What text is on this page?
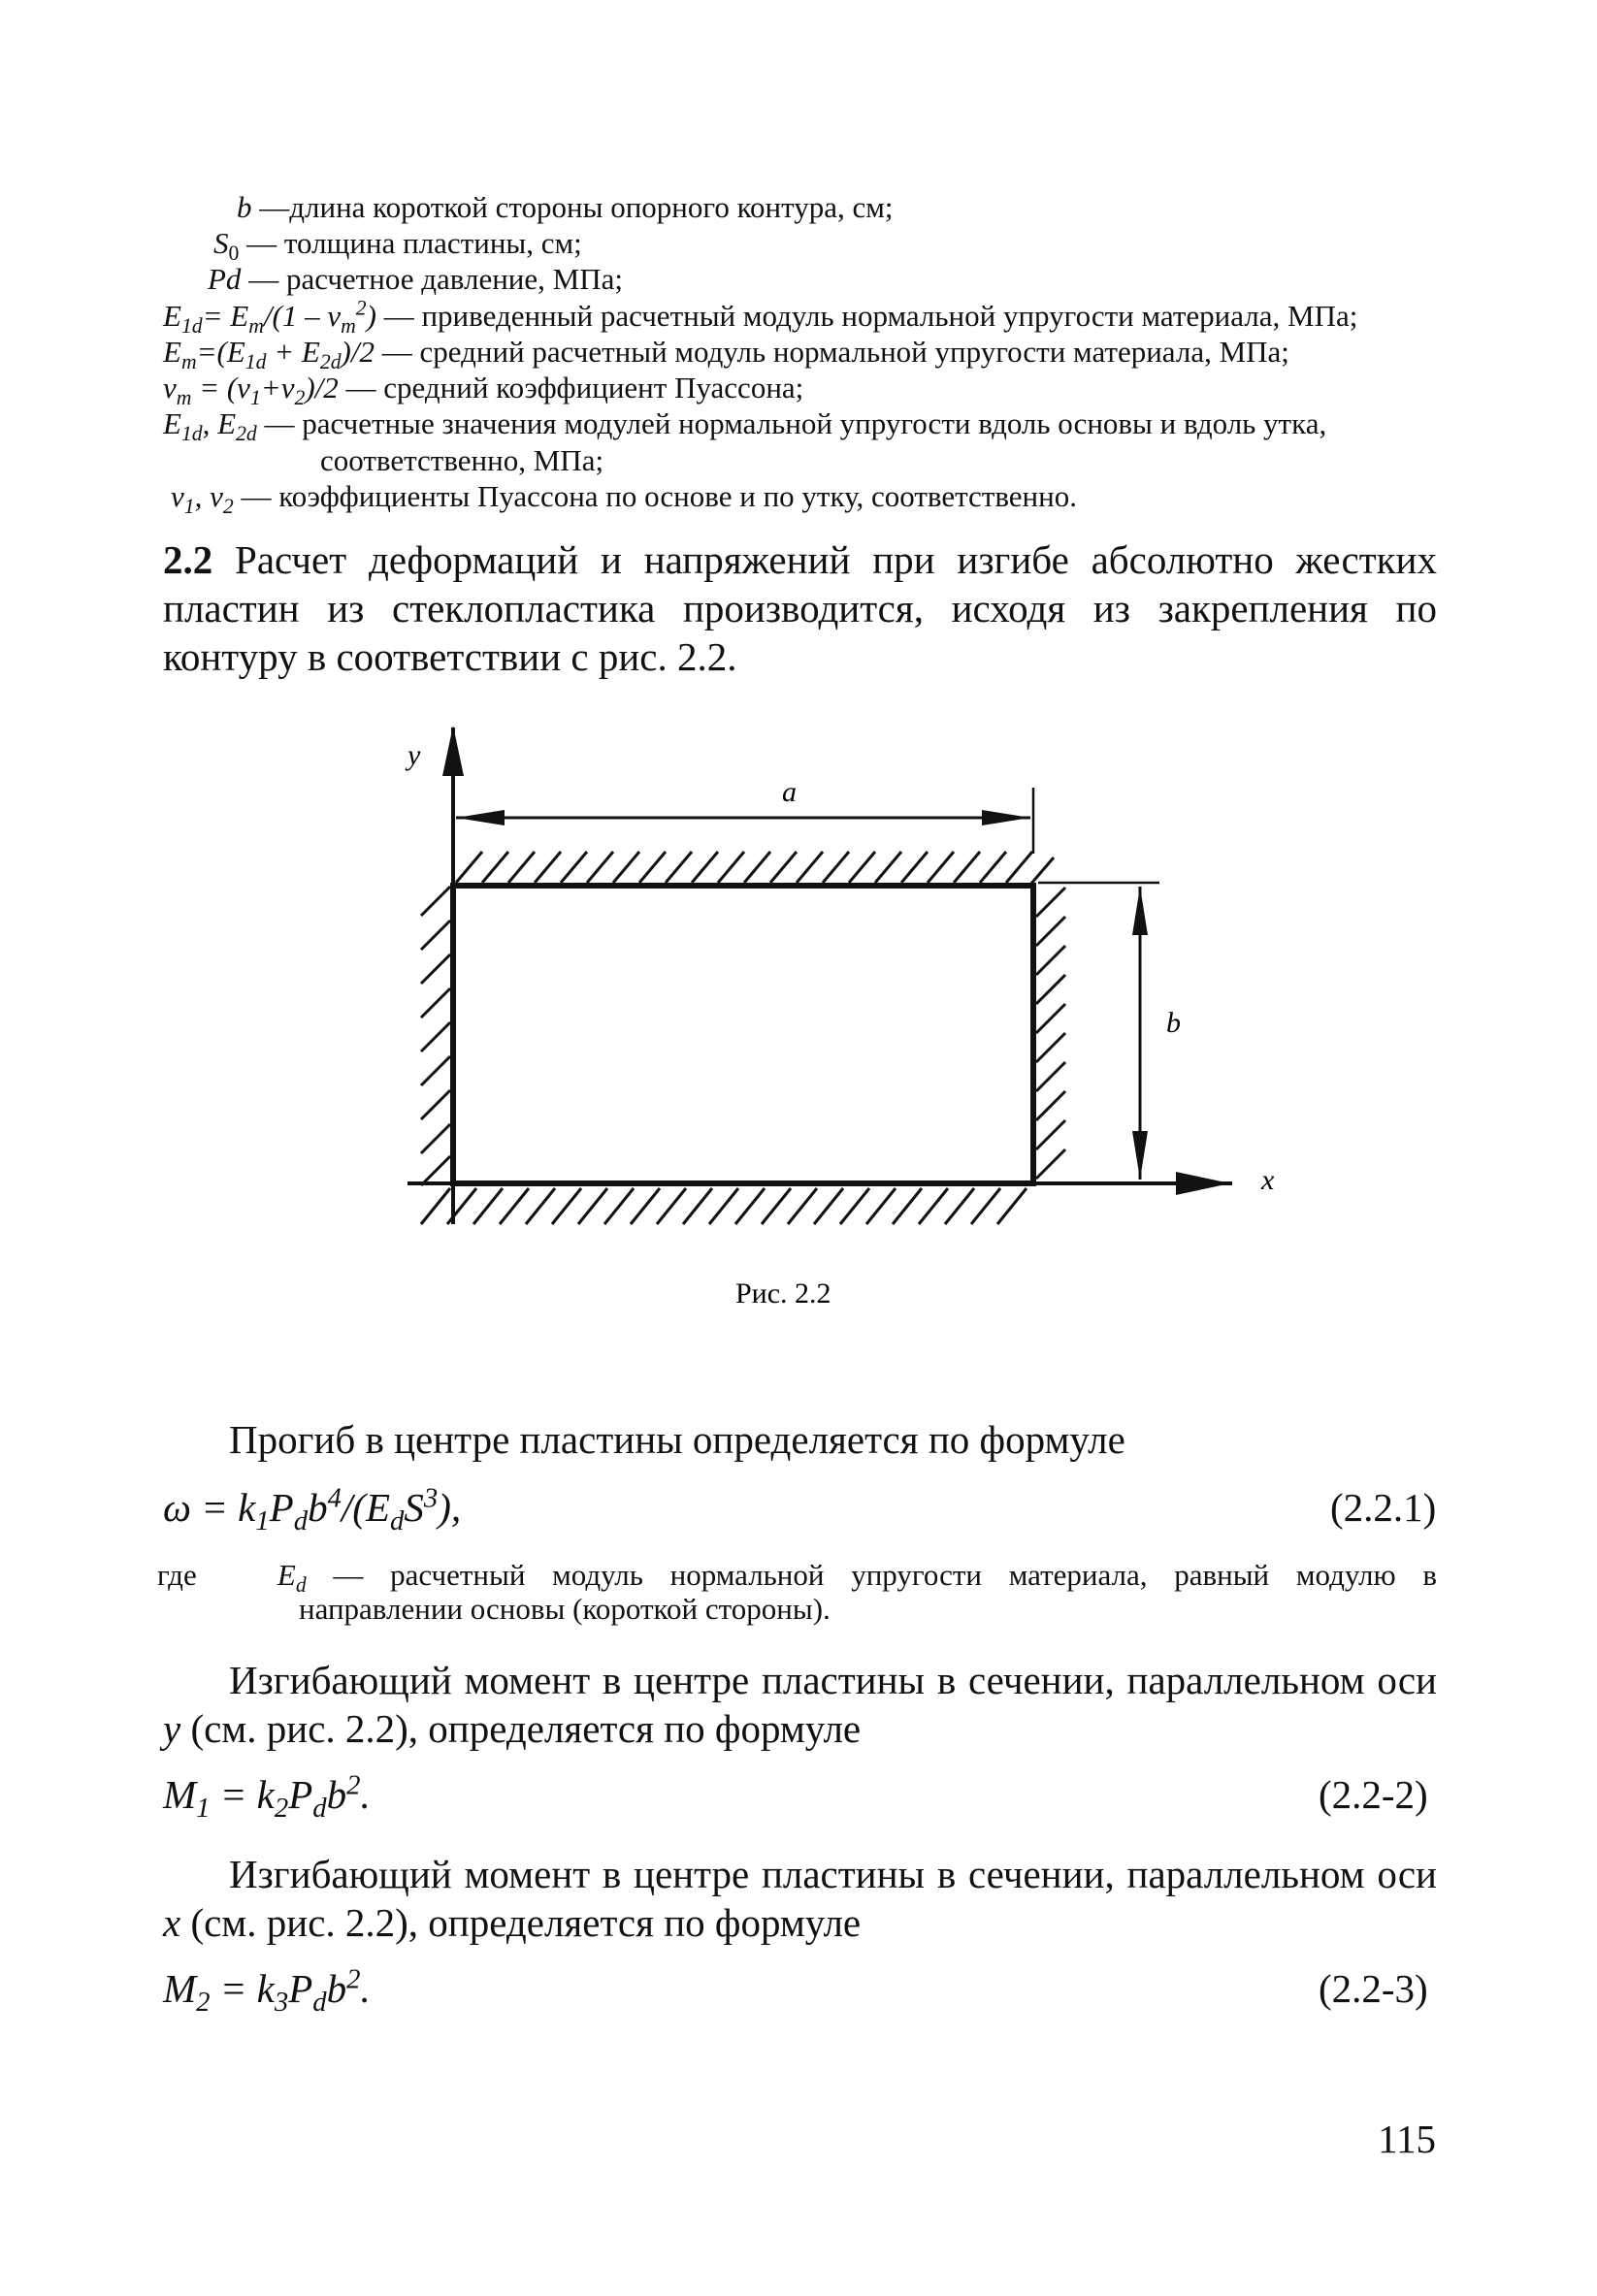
b —длина короткой стороны опорного контура, см;
$S_0$ — толщина пластины, см;
Pd — расчетное давление, МПа;
$E_{1d}= E_m/(1 - \nu_m^2)$ — приведенный расчетный модуль нормальной упругости материала, МПа;
$E_m=(E_{1d} + E_{2d})/2$ — средний расчетный модуль нормальной упругости материала, МПа;
$\nu_m = (\nu_1+\nu_2)/2$ — средний коэффициент Пуассона;
$E_{1d}$, $E_{2d}$ — расчетные значения модулей нормальной упругости вдоль основы и вдоль утка,
соответственно, МПа;
$\nu_1$, $\nu_2$ — коэффициенты Пуассона по основе и по утку, соответственно.
2.2 Расчет деформаций и напряжений при изгибе абсолютно жестких
пластин из стеклопластика производится, исходя из закрепления по
контуру в соответствии с рис. 2.2.
y
x
a
b
Рис. 2.2
Прогиб в центре пластины определяется по формуле
$\omega = k_1P_db^4/(E_dS^3)$,	(2.2.1)
где	$E_d$ — расчетный модуль нормальной упругости материала, равный модулю в
направлении основы (короткой стороны).
Изгибающий момент в центре пластины в сечении, параллельном оси
y (см. рис. 2.2), определяется по формуле
$M_1 = k_2P_db^2$.	(2.2-2)
Изгибающий момент в центре пластины в сечении, параллельном оси
x (см. рис. 2.2), определяется по формуле
$M_2 = k_3P_db^2$.	(2.2-3)
115
